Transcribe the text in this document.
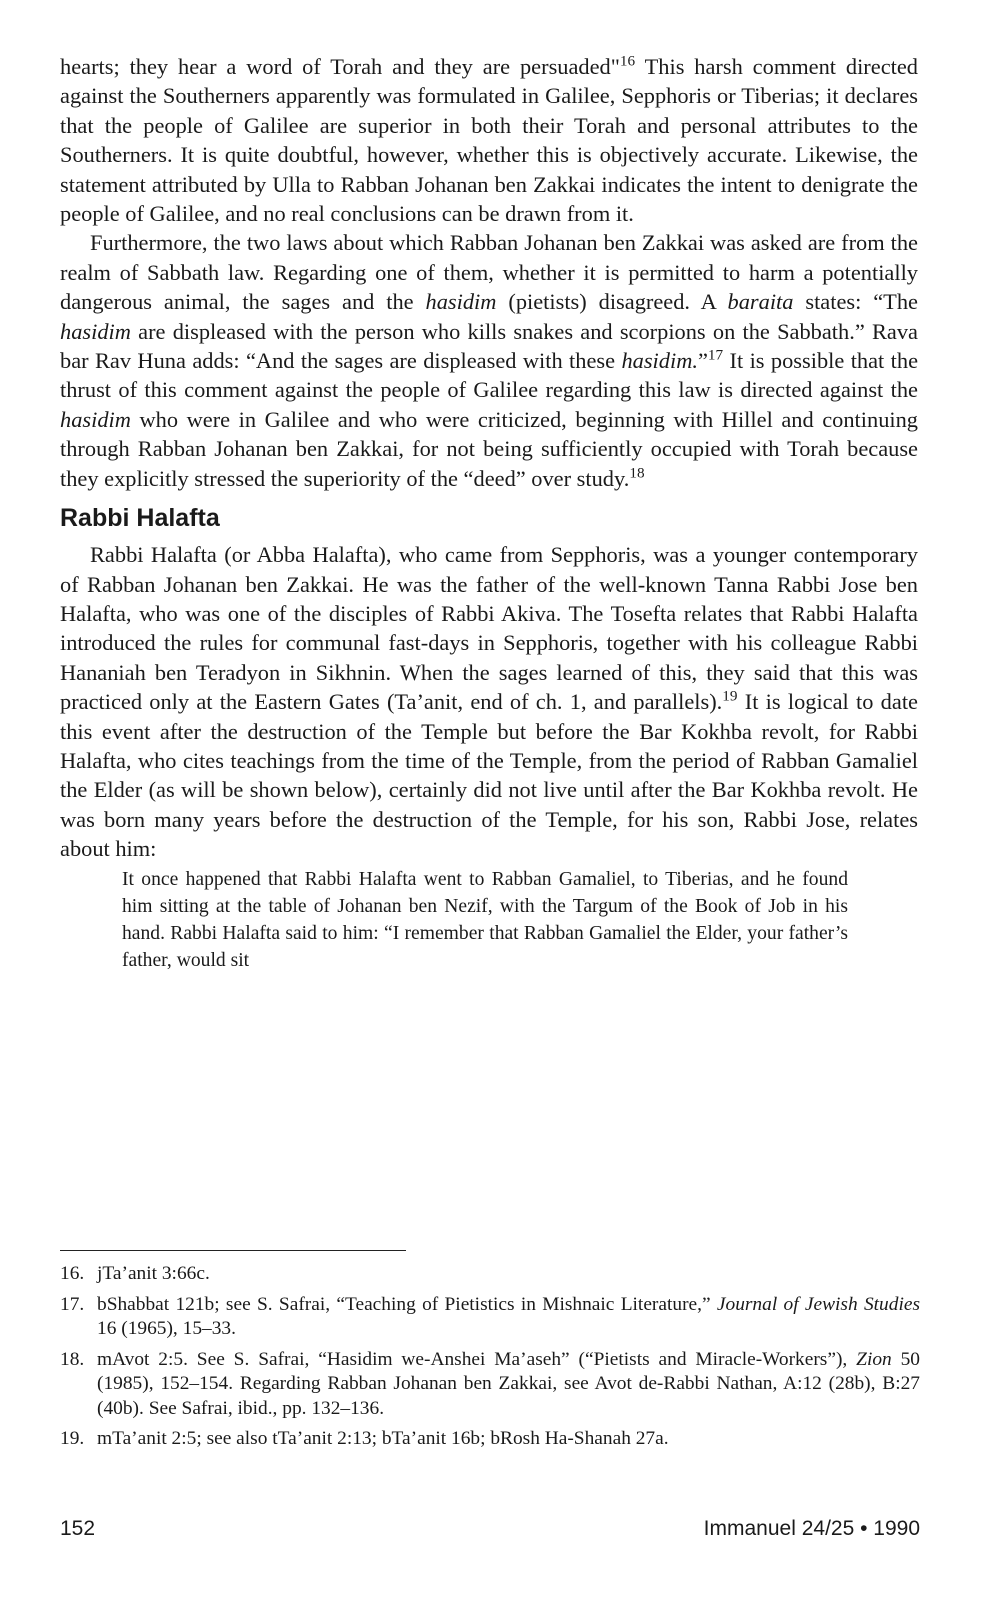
hearts; they hear a word of Torah and they are persuaded"$^{16}$ This harsh comment directed against the Southerners apparently was formulated in Galilee, Sepphoris or Tiberias; it declares that the people of Galilee are superior in both their Torah and personal attributes to the Southerners. It is quite doubtful, however, whether this is objectively accurate. Likewise, the statement attributed by Ulla to Rabban Johanan ben Zakkai indicates the intent to denigrate the people of Galilee, and no real conclusions can be drawn from it.

Furthermore, the two laws about which Rabban Johanan ben Zakkai was asked are from the realm of Sabbath law. Regarding one of them, whether it is permitted to harm a potentially dangerous animal, the sages and the hasidim (pietists) disagreed. A baraita states: “The hasidim are displeased with the person who kills snakes and scorpions on the Sabbath.” Rava bar Rav Huna adds: “And the sages are displeased with these hasidim.”$^{17}$ It is possible that the thrust of this comment against the people of Galilee regarding this law is directed against the hasidim who were in Galilee and who were criticized, beginning with Hillel and continuing through Rabban Johanan ben Zakkai, for not being sufficiently occupied with Torah because they explicitly stressed the superiority of the “deed” over study.$^{18}$

Rabbi Halafta

Rabbi Halafta (or Abba Halafta), who came from Sepphoris, was a younger contemporary of Rabban Johanan ben Zakkai. He was the father of the well-known Tanna Rabbi Jose ben Halafta, who was one of the disciples of Rabbi Akiva. The Tosefta relates that Rabbi Halafta introduced the rules for communal fast-days in Sepphoris, together with his colleague Rabbi Hananiah ben Teradyon in Sikhnin. When the sages learned of this, they said that this was practiced only at the Eastern Gates (Ta’anit, end of ch. 1, and parallels).$^{19}$ It is logical to date this event after the destruction of the Temple but before the Bar Kokhba revolt, for Rabbi Halafta, who cites teachings from the time of the Temple, from the period of Rabban Gamaliel the Elder (as will be shown below), certainly did not live until after the Bar Kokhba revolt. He was born many years before the destruction of the Temple, for his son, Rabbi Jose, relates about him:

It once happened that Rabbi Halafta went to Rabban Gamaliel, to Tiberias, and he found him sitting at the table of Johanan ben Nezif, with the Targum of the Book of Job in his hand. Rabbi Halafta said to him: “I remember that Rabban Gamaliel the Elder, your father’s father, would sit

16. jTa’anit 3:66c.
17. bShabbat 121b; see S. Safrai, “Teaching of Pietistics in Mishnaic Literature,” Journal of Jewish Studies 16 (1965), 15–33.
18. mAvot 2:5. See S. Safrai, “Hasidim we-Anshei Ma’aseh” (“Pietists and Miracle-Workers”), Zion 50 (1985), 152–154. Regarding Rabban Johanan ben Zakkai, see Avot de-Rabbi Nathan, A:12 (28b), B:27 (40b). See Safrai, ibid., pp. 132–136.
19. mTa’anit 2:5; see also tTa’anit 2:13; bTa’anit 16b; bRosh Ha-Shanah 27a.
152	Immanuel 24/25 • 1990
